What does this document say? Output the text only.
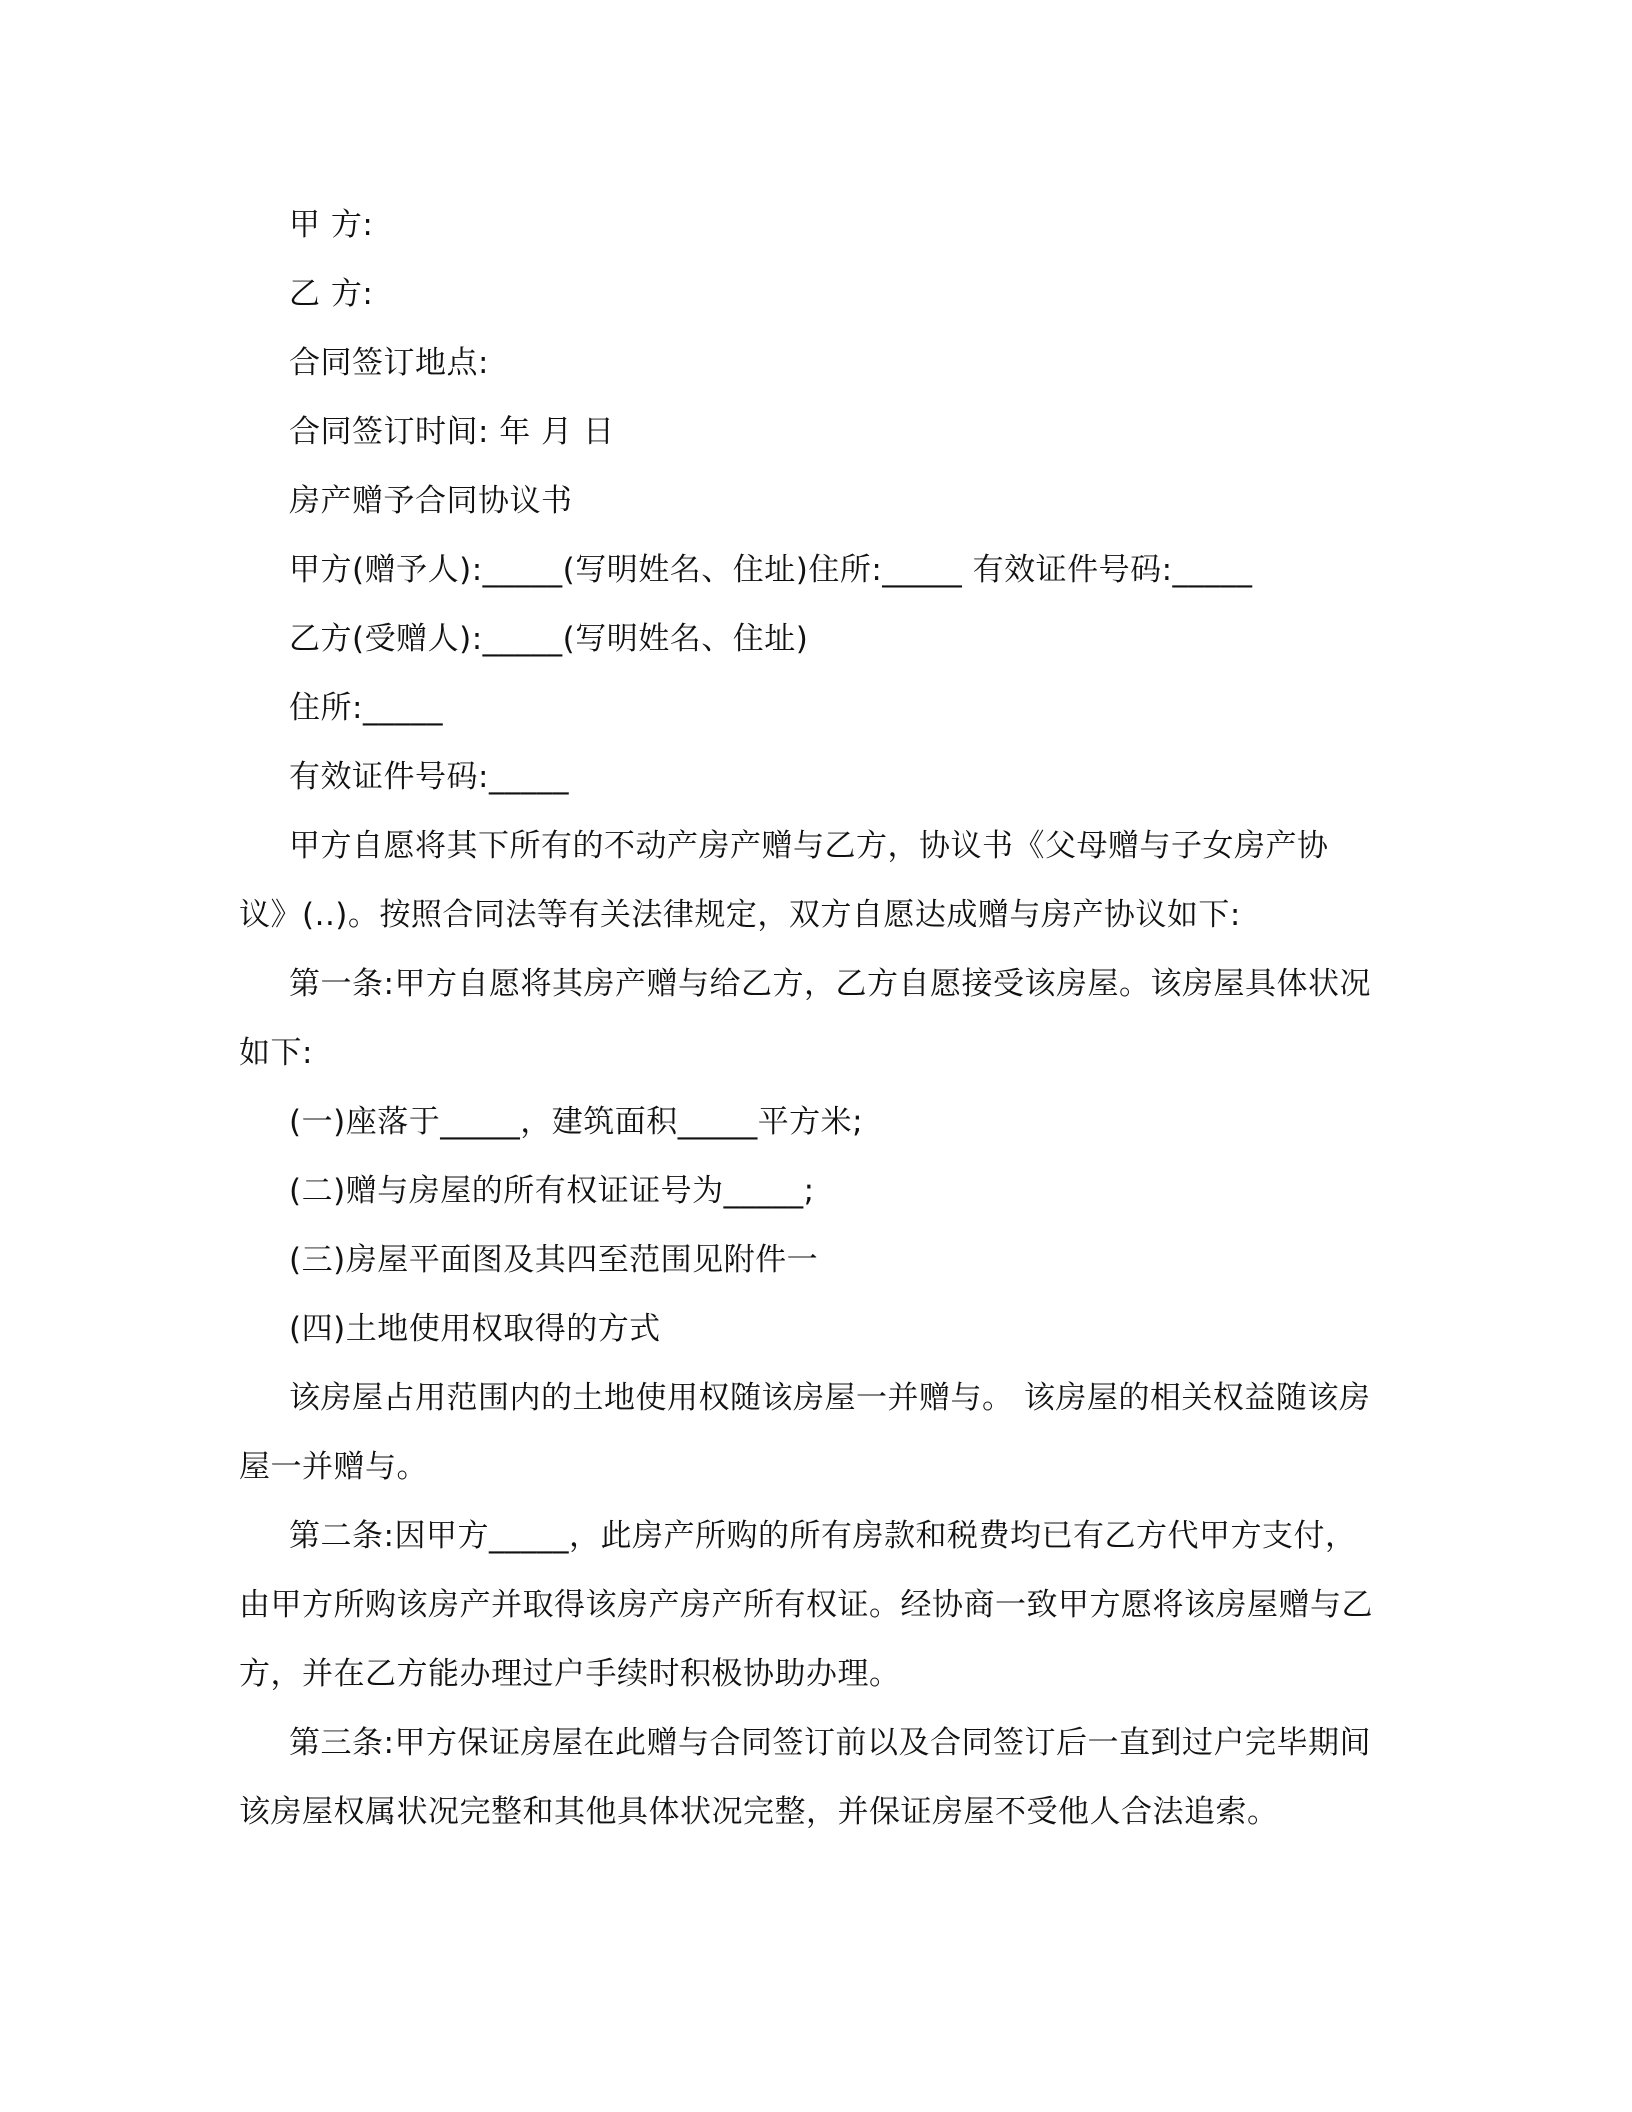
甲 方:
乙 方:
合同签订地点:
合同签订时间: 年 月 日
房产赠予合同协议书
甲方(赠予人):_____(写明姓名、住址)住所:_____ 有效证件号码:_____
乙方(受赠人):_____(写明姓名、住址)
住所:_____
有效证件号码:_____
甲方自愿将其下所有的不动产房产赠与乙方，协议书《父母赠与子女房产协
议》(..)。按照合同法等有关法律规定，双方自愿达成赠与房产协议如下:
第一条:甲方自愿将其房产赠与给乙方，乙方自愿接受该房屋。该房屋具体状况
如下:
(一)座落于_____，建筑面积_____平方米;
(二)赠与房屋的所有权证证号为_____;
(三)房屋平面图及其四至范围见附件一
(四)土地使用权取得的方式
该房屋占用范围内的土地使用权随该房屋一并赠与。 该房屋的相关权益随该房
屋一并赠与。
第二条:因甲方_____，此房产所购的所有房款和税费均已有乙方代甲方支付，
由甲方所购该房产并取得该房产房产所有权证。经协商一致甲方愿将该房屋赠与乙
方，并在乙方能办理过户手续时积极协助办理。
第三条:甲方保证房屋在此赠与合同签订前以及合同签订后一直到过户完毕期间
该房屋权属状况完整和其他具体状况完整，并保证房屋不受他人合法追索。
